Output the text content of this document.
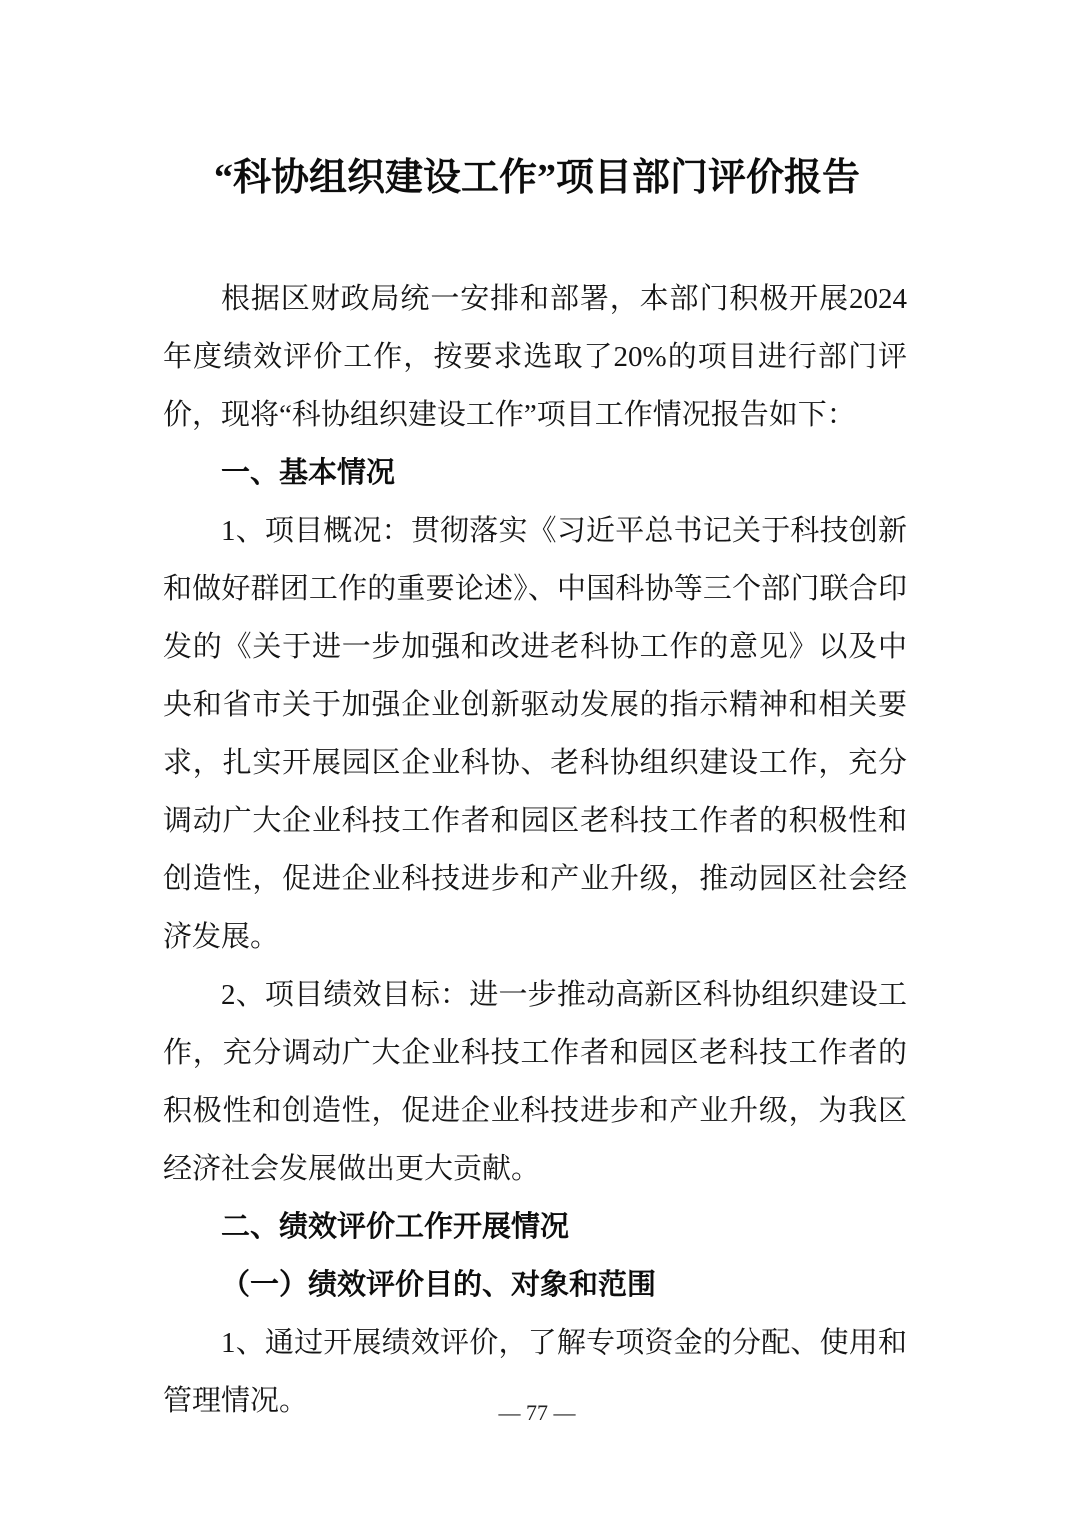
“科协组织建设工作”项目部门评价报告

根据区财政局统一安排和部署，本部门积极开展2024年度绩效评价工作，按要求选取了20%的项目进行部门评价，现将“科协组织建设工作”项目工作情况报告如下：

一、基本情况

1、项目概况：贯彻落实《习近平总书记关于科技创新和做好群团工作的重要论述》、中国科协等三个部门联合印发的《关于进一步加强和改进老科协工作的意见》以及中央和省市关于加强企业创新驱动发展的指示精神和相关要求，扎实开展园区企业科协、老科协组织建设工作，充分调动广大企业科技工作者和园区老科技工作者的积极性和创造性，促进企业科技进步和产业升级，推动园区社会经济发展。

2、项目绩效目标：进一步推动高新区科协组织建设工作，充分调动广大企业科技工作者和园区老科技工作者的积极性和创造性，促进企业科技进步和产业升级，为我区经济社会发展做出更大贡献。

二、绩效评价工作开展情况

（一）绩效评价目的、对象和范围

1、通过开展绩效评价，了解专项资金的分配、使用和管理情况。	— 77 —
